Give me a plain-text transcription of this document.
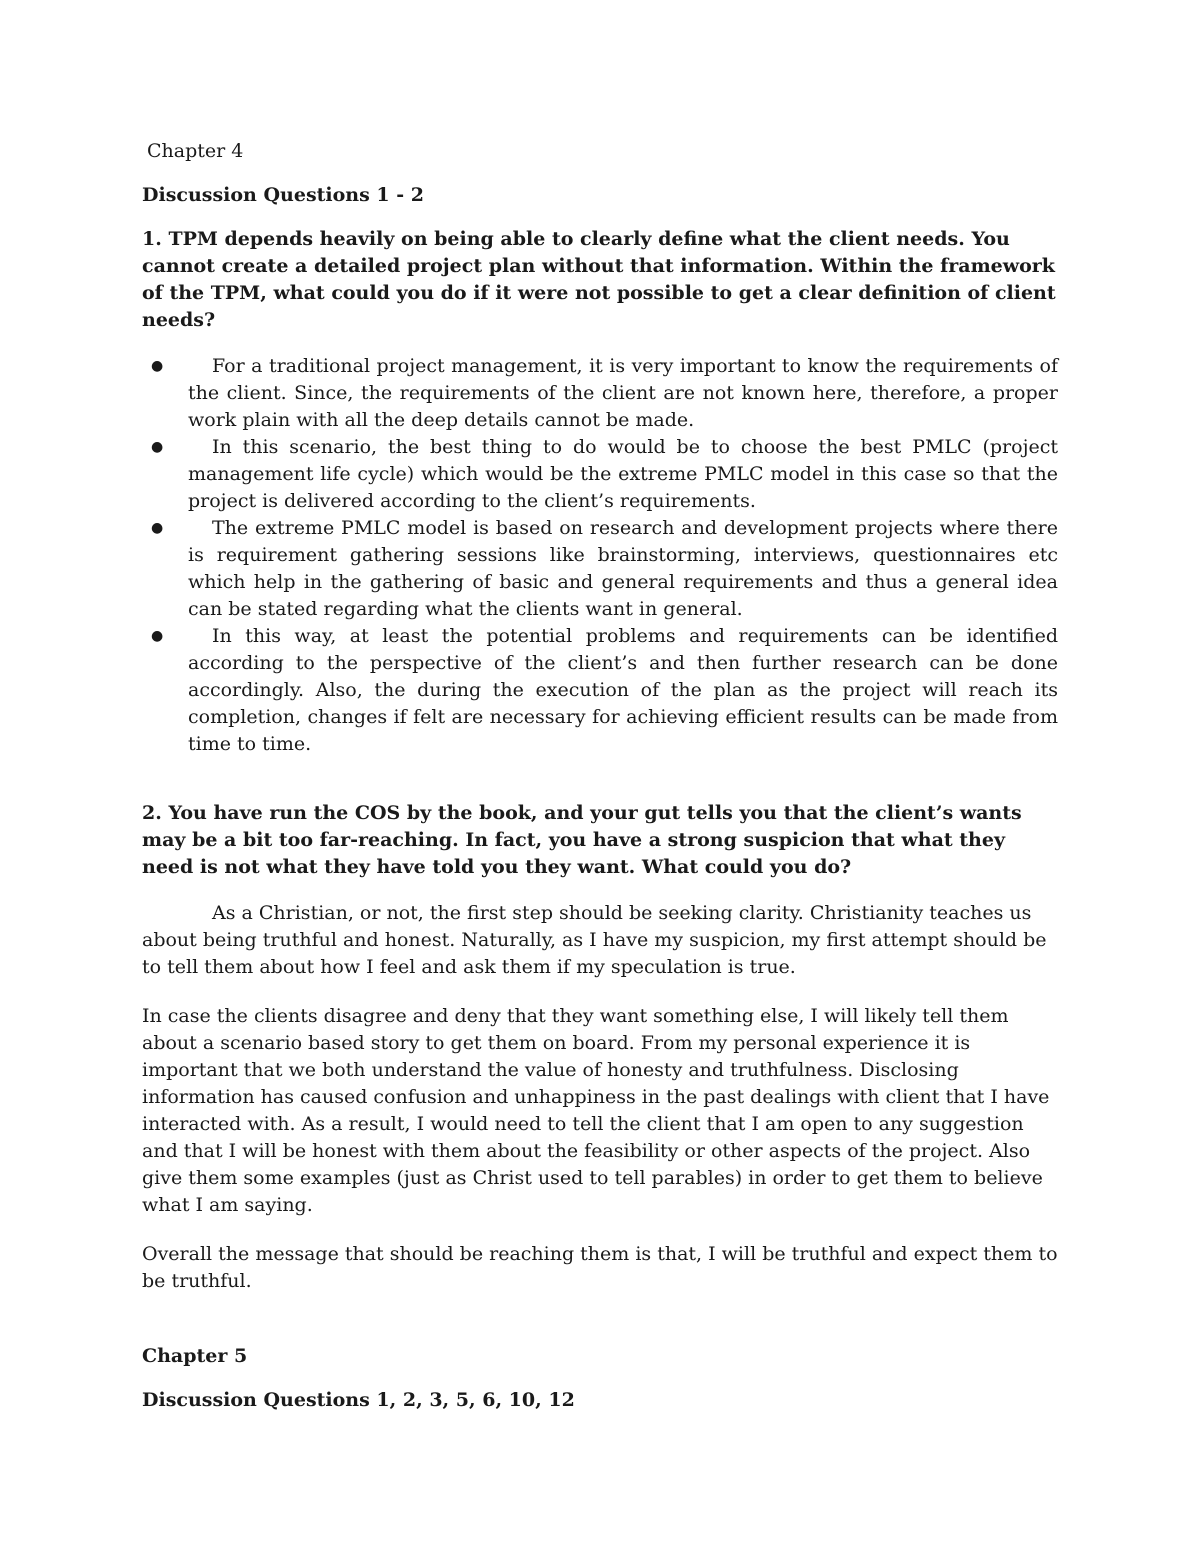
Chapter 4
Discussion Questions 1 - 2
1. TPM depends heavily on being able to clearly define what the client needs. You cannot create a detailed project plan without that information. Within the framework of the TPM, what could you do if it were not possible to get a clear definition of client needs?
●	For a traditional project management, it is very important to know the requirements of the client. Since, the requirements of the client are not known here, therefore, a proper work plain with all the deep details cannot be made.
●	In this scenario, the best thing to do would be to choose the best PMLC (project management life cycle) which would be the extreme PMLC model in this case so that the project is delivered according to the client’s requirements.
●	The extreme PMLC model is based on research and development projects where there is requirement gathering sessions like brainstorming, interviews, questionnaires etc which help in the gathering of basic and general requirements and thus a general idea can be stated regarding what the clients want in general.
●	In this way, at least the potential problems and requirements can be identified according to the perspective of the client’s and then further research can be done accordingly. Also, the during the execution of the plan as the project will reach its completion, changes if felt are necessary for achieving efficient results can be made from time to time.
2. You have run the COS by the book, and your gut tells you that the client’s wants may be a bit too far-reaching. In fact, you have a strong suspicion that what they need is not what they have told you they want. What could you do?
As a Christian, or not, the first step should be seeking clarity. Christianity teaches us about being truthful and honest. Naturally, as I have my suspicion, my first attempt should be to tell them about how I feel and ask them if my speculation is true.
In case the clients disagree and deny that they want something else, I will likely tell them about a scenario based story to get them on board. From my personal experience it is important that we both understand the value of honesty and truthfulness. Disclosing information has caused confusion and unhappiness in the past dealings with client that I have interacted with. As a result, I would need to tell the client that I am open to any suggestion and that I will be honest with them about the feasibility or other aspects of the project. Also give them some examples (just as Christ used to tell parables) in order to get them to believe what I am saying.
Overall the message that should be reaching them is that, I will be truthful and expect them to be truthful.
Chapter 5
Discussion Questions 1, 2, 3, 5, 6, 10, 12
